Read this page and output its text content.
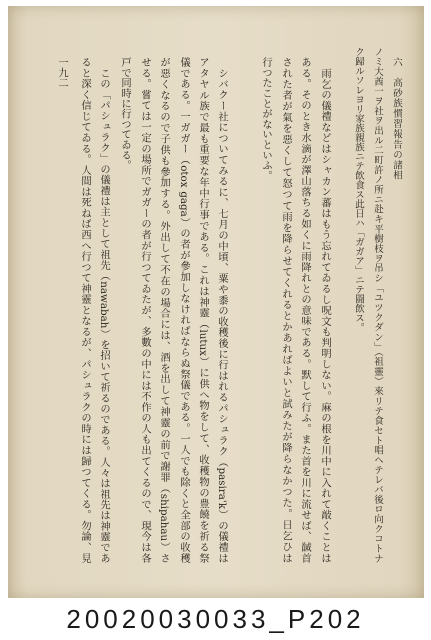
六　高砂族慣習報告の諸相
一九二	ノミ大酋一ヲ社ヲ出ル二町許ノ所ニ赴キ平樹枝ヲ吊シ「ユツクダン」（祖靈）來リテ食セト唱ヘテレバ後ロ向クコトナ
ク歸ルソレヨリ家族親族ニテ飲食ス此日ハ「ガガア」ニテ闘飲ス。
雨乞の儀禮などはシャカン蕃はもう忘れてゐるし呪文も判明しない。麻の根を川中に入れて敲くことは
ある。そのとき水滴が澤山落ちる如くに雨降れとの意味である。默して行ふ。また首を川に流せば、馘首
された者が氣を惡くして怒つて雨を降らせてくれるとかあればよいと試みたが降らなかつた。日乞ひは
行つたことがないといふ。
シバクー社についてみるに、七月の中頃、粟や黍の收穫後に行はれるパシュラク（pasira'k）の儀禮は
アタヤル族で最も重要な年中行事である。これは神靈（lutux）に供へ物をして、收穫物の豊饒を祈る祭
儀である。一ガガー（otox gaga）の者が參加しなければならぬ祭儀である。一人でも除くと全部の收穫
が惡くなるので子供も參加する。外出して不在の場合には、酒を出して神靈の前で謝罪（shipahau）さ
せる。嘗ては一定の場所でガガーの者が行つてゐたが、多數の中には不作の人も出てくるので、現今は各
戸で同時に行つてゐる。
この「パシュラク」の儀禮は主として祖先（nawabah）を招いて祈るのである。人々は祖先は神靈であ
ると深く信じてゐる。人間は死ねば西へ行つて神靈となるが、パシュラクの時には歸つてくる。勿論、見
20020030033_P202
